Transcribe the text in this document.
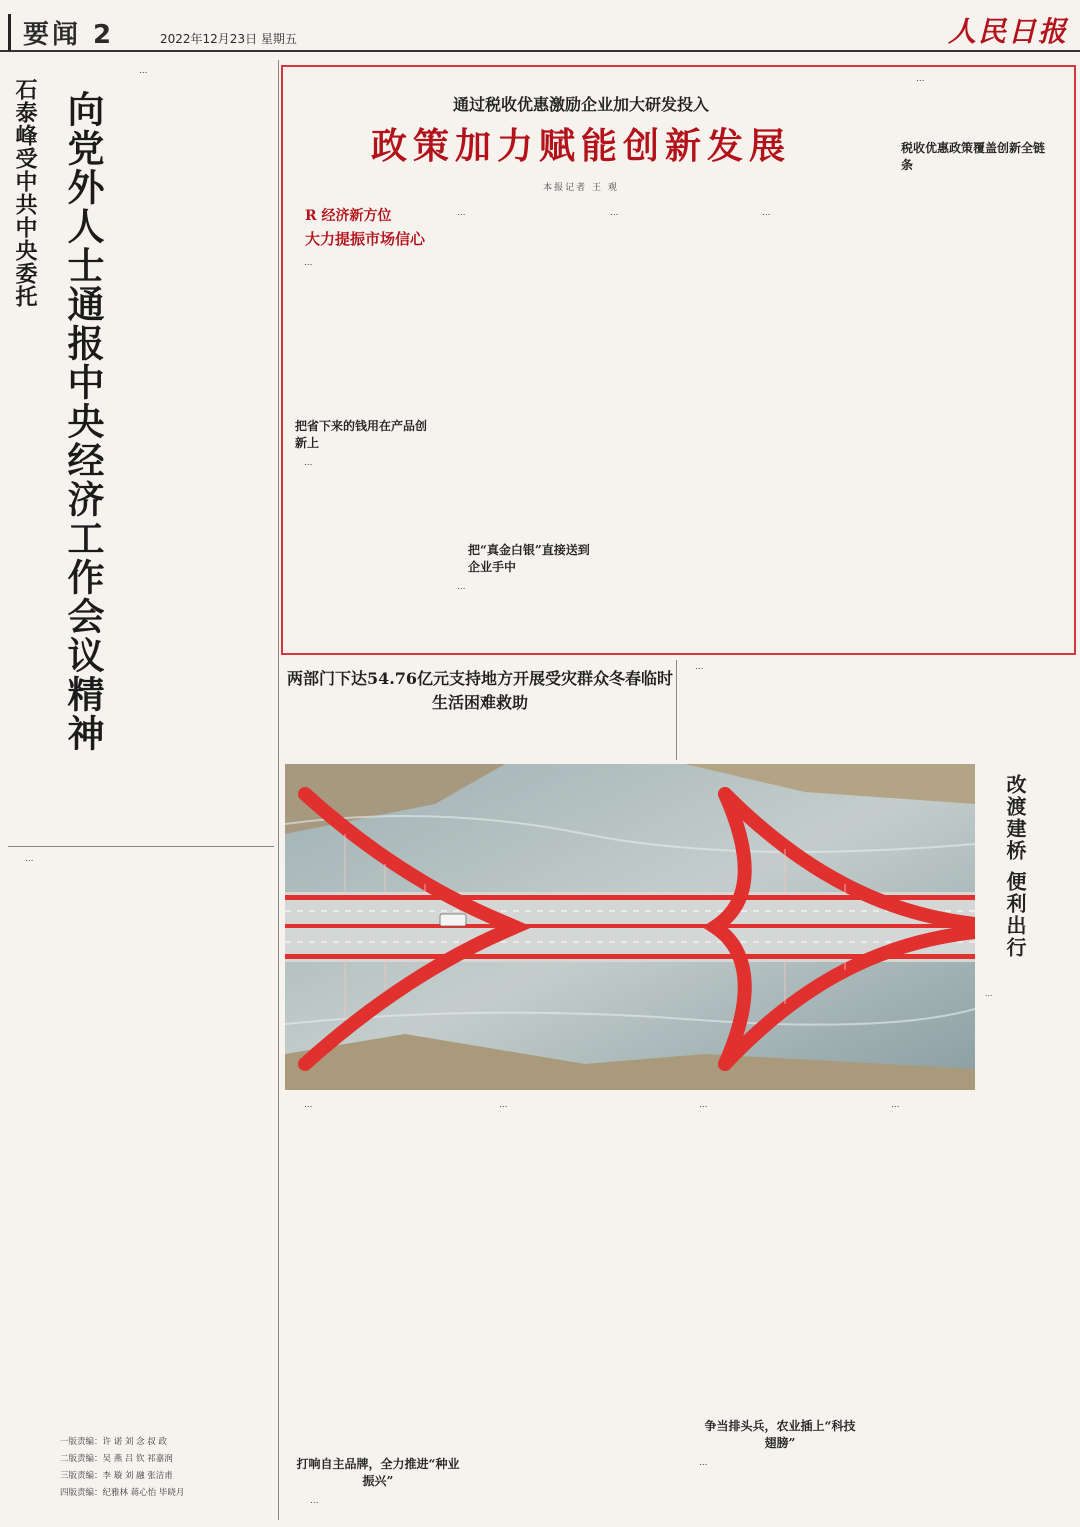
要闻 2	2022年12月23日 星期五	人民日报
石泰峰受中共中央委托 向党外人士通报中央经济工作会议精神

…

…

一版责编：许 诺 刘 念 叔 政
二版责编：吴 燕 吕 钦 祁嘉润
三版责编：李 璇 刘 融 张洁甫
四版责编：纪雅林 蒋心怡 毕晓月
通过税收优惠激励企业加大研发投入
政策加力赋能创新发展
本报记者 王 观
R 经济新方位
大力提振市场信心

…

把省下来的钱用在产品创新上

…

…

把“真金白银”直接送到企业手中

…

…	…

…

税收优惠政策覆盖创新全链条

两部门下达54.76亿元支持地方开展受灾群众冬春临时生活困难救助

…

改渡建桥 便利出行
…

…	…

打响自主品牌，全力推进“种业振兴”

…

…

争当排头兵，农业插上“科技翅膀”

…

…
